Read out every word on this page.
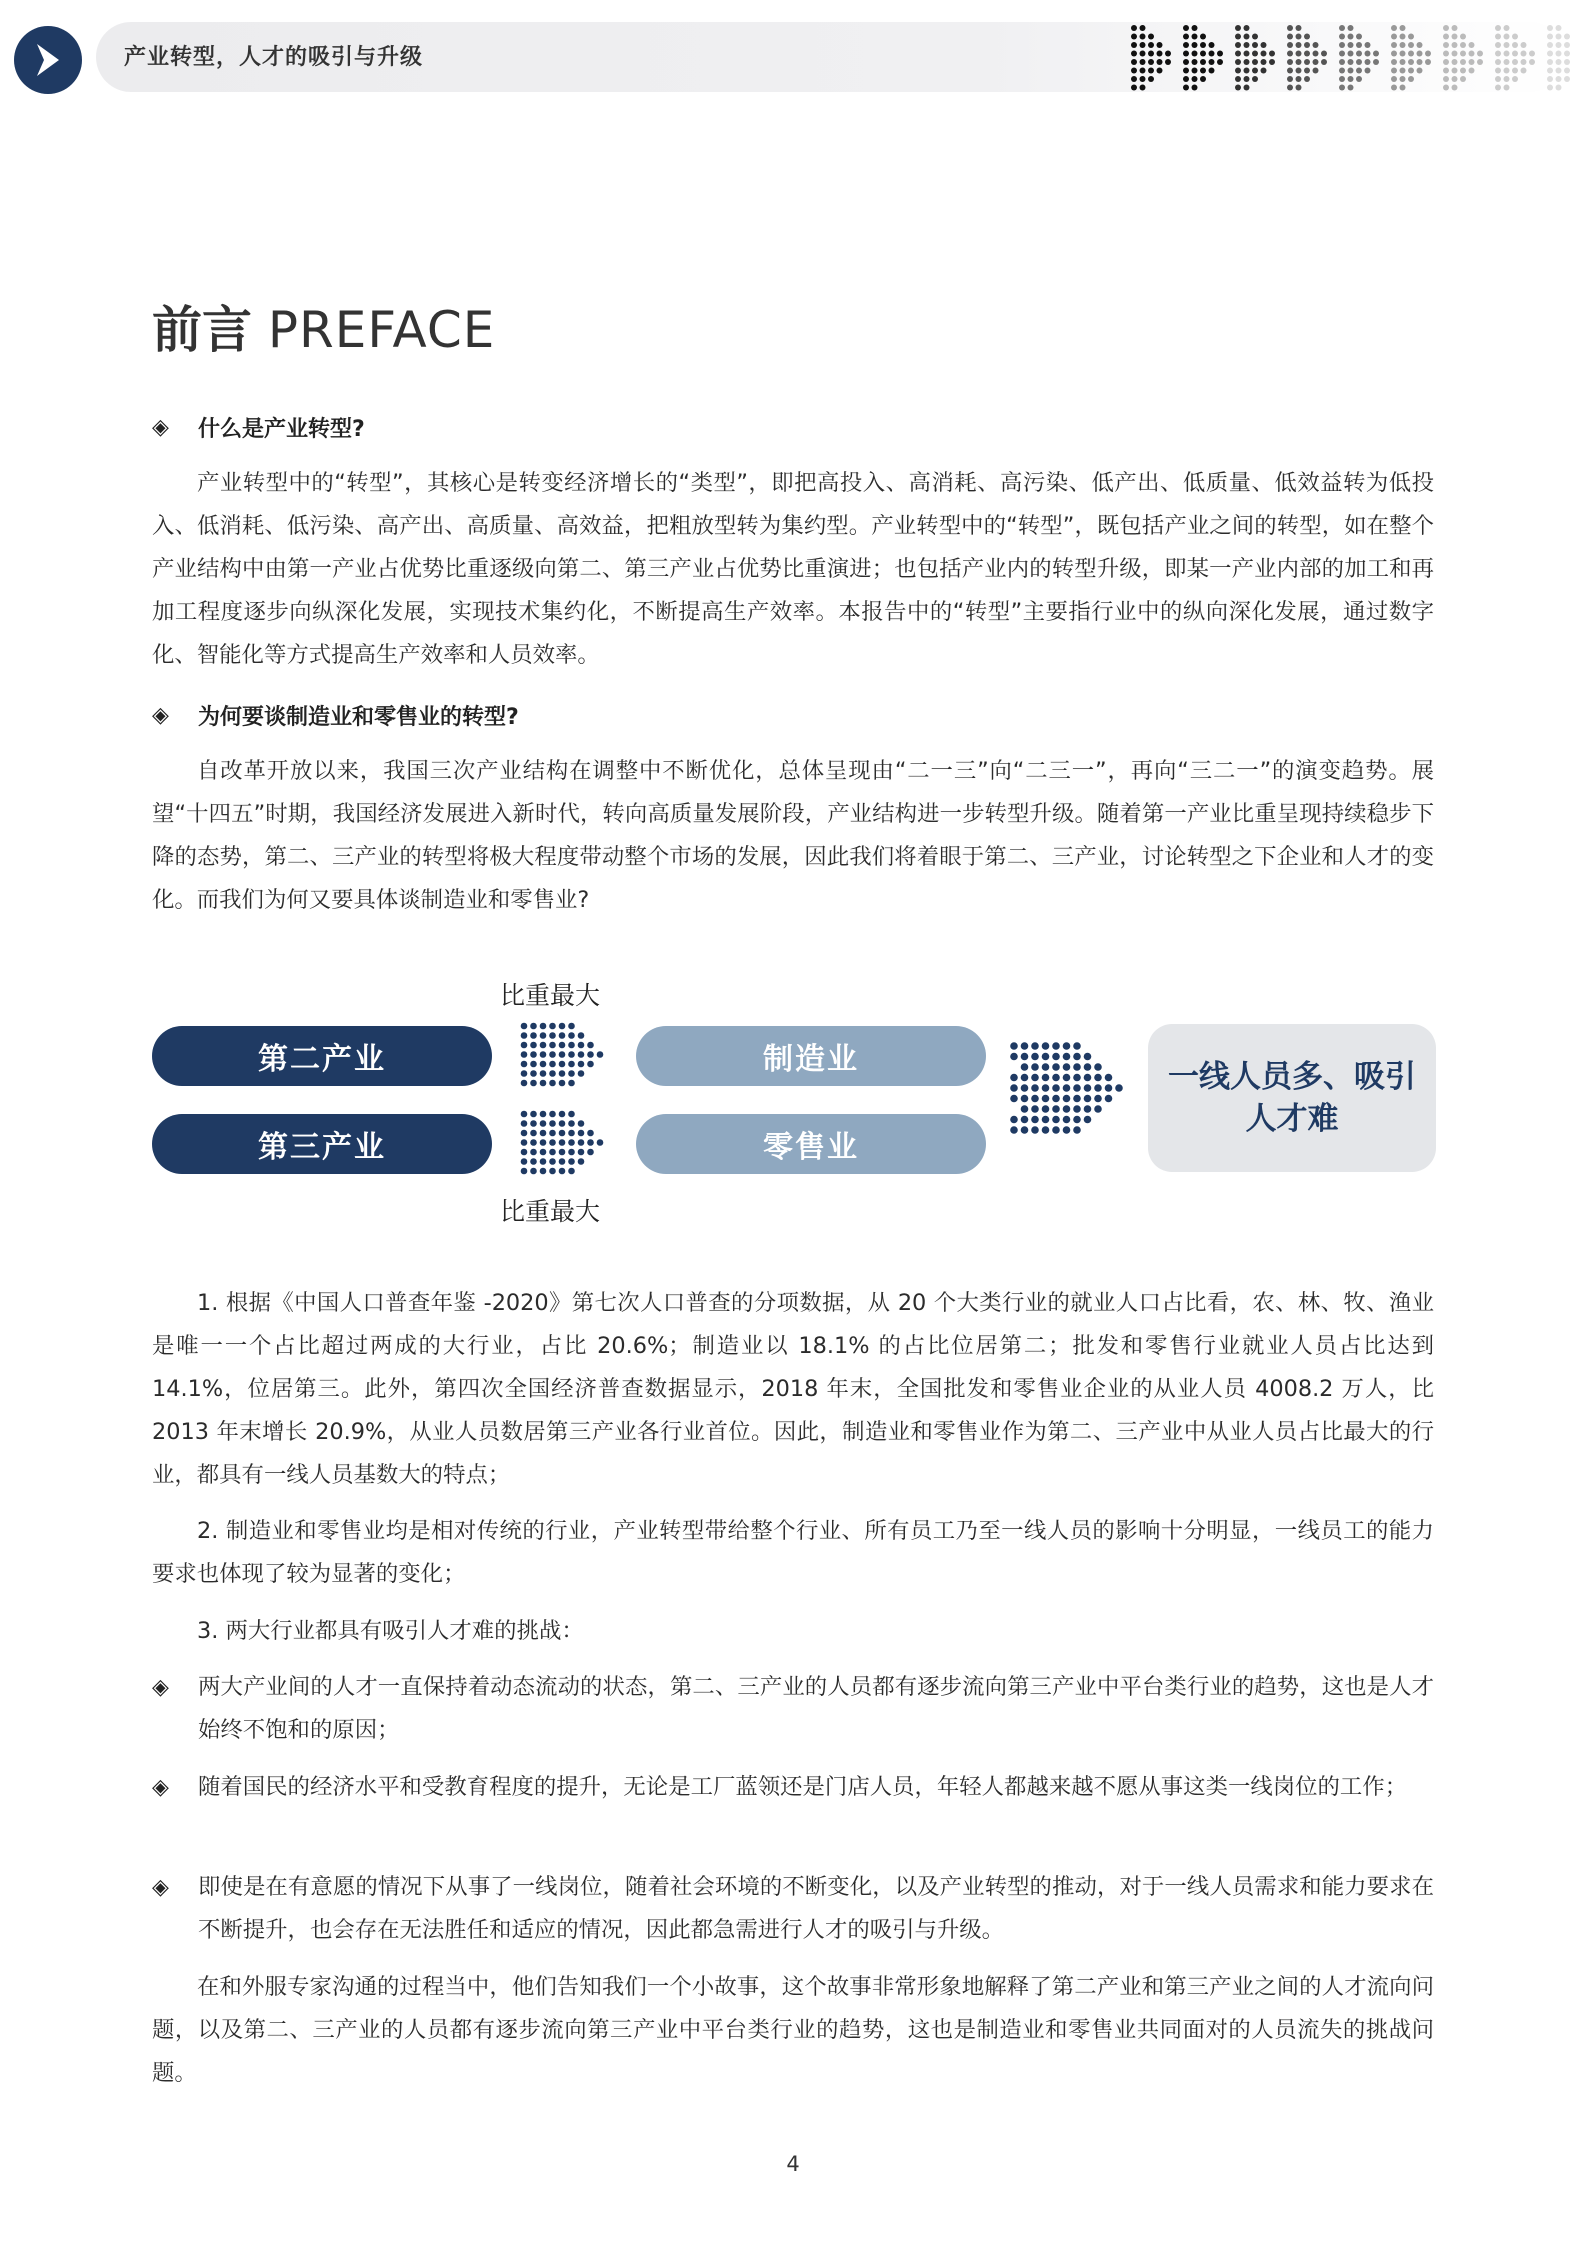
产业转型，人才的吸引与升级
前言 PREFACE
◈ 什么是产业转型?

产业转型中的“转型”，其核心是转变经济增长的“类型”，即把高投入、高消耗、高污染、低产出、低质量、低效益转为低投入、低消耗、低污染、高产出、高质量、高效益，把粗放型转为集约型。产业转型中的“转型”，既包括产业之间的转型，如在整个产业结构中由第一产业占优势比重逐级向第二、第三产业占优势比重演进；也包括产业内的转型升级，即某一产业内部的加工和再加工程度逐步向纵深化发展，实现技术集约化，不断提高生产效率。本报告中的“转型”主要指行业中的纵向深化发展，通过数字化、智能化等方式提高生产效率和人员效率。

◈ 为何要谈制造业和零售业的转型?

自改革开放以来，我国三次产业结构在调整中不断优化，总体呈现由“二一三”向“二三一”，再向“三二一”的演变趋势。展望“十四五”时期，我国经济发展进入新时代，转向高质量发展阶段，产业结构进一步转型升级。随着第一产业比重呈现持续稳步下降的态势，第二、三产业的转型将极大程度带动整个市场的发展，因此我们将着眼于第二、三产业，讨论转型之下企业和人才的变化。而我们为何又要具体谈制造业和零售业?

比重最大
比重最大
第二产业
第三产业
制造业
零售业
一线人员多、吸引人才难

1. 根据《中国人口普查年鉴 -2020》第七次人口普查的分项数据，从 20 个大类行业的就业人口占比看，农、林、牧、渔业是唯一一个占比超过两成的大行业，占比 20.6%；制造业以 18.1% 的占比位居第二；批发和零售行业就业人员占比达到 14.1%，位居第三。此外，第四次全国经济普查数据显示，2018 年末，全国批发和零售业企业的从业人员 4008.2 万人，比 2013 年末增长 20.9%，从业人员数居第三产业各行业首位。因此，制造业和零售业作为第二、三产业中从业人员占比最大的行业，都具有一线人员基数大的特点；

2. 制造业和零售业均是相对传统的行业，产业转型带给整个行业、所有员工乃至一线人员的影响十分明显，一线员工的能力要求也体现了较为显著的变化；

3. 两大行业都具有吸引人才难的挑战：

◈ 两大产业间的人才一直保持着动态流动的状态，第二、三产业的人员都有逐步流向第三产业中平台类行业的趋势，这也是人才始终不饱和的原因；
◈ 随着国民的经济水平和受教育程度的提升，无论是工厂蓝领还是门店人员，年轻人都越来越不愿从事这类一线岗位的工作；
◈ 即使是在有意愿的情况下从事了一线岗位，随着社会环境的不断变化，以及产业转型的推动，对于一线人员需求和能力要求在不断提升，也会存在无法胜任和适应的情况，因此都急需进行人才的吸引与升级。

在和外服专家沟通的过程当中，他们告知我们一个小故事，这个故事非常形象地解释了第二产业和第三产业之间的人才流向问题，以及第二、三产业的人员都有逐步流向第三产业中平台类行业的趋势，这也是制造业和零售业共同面对的人员流失的挑战问题。

4
